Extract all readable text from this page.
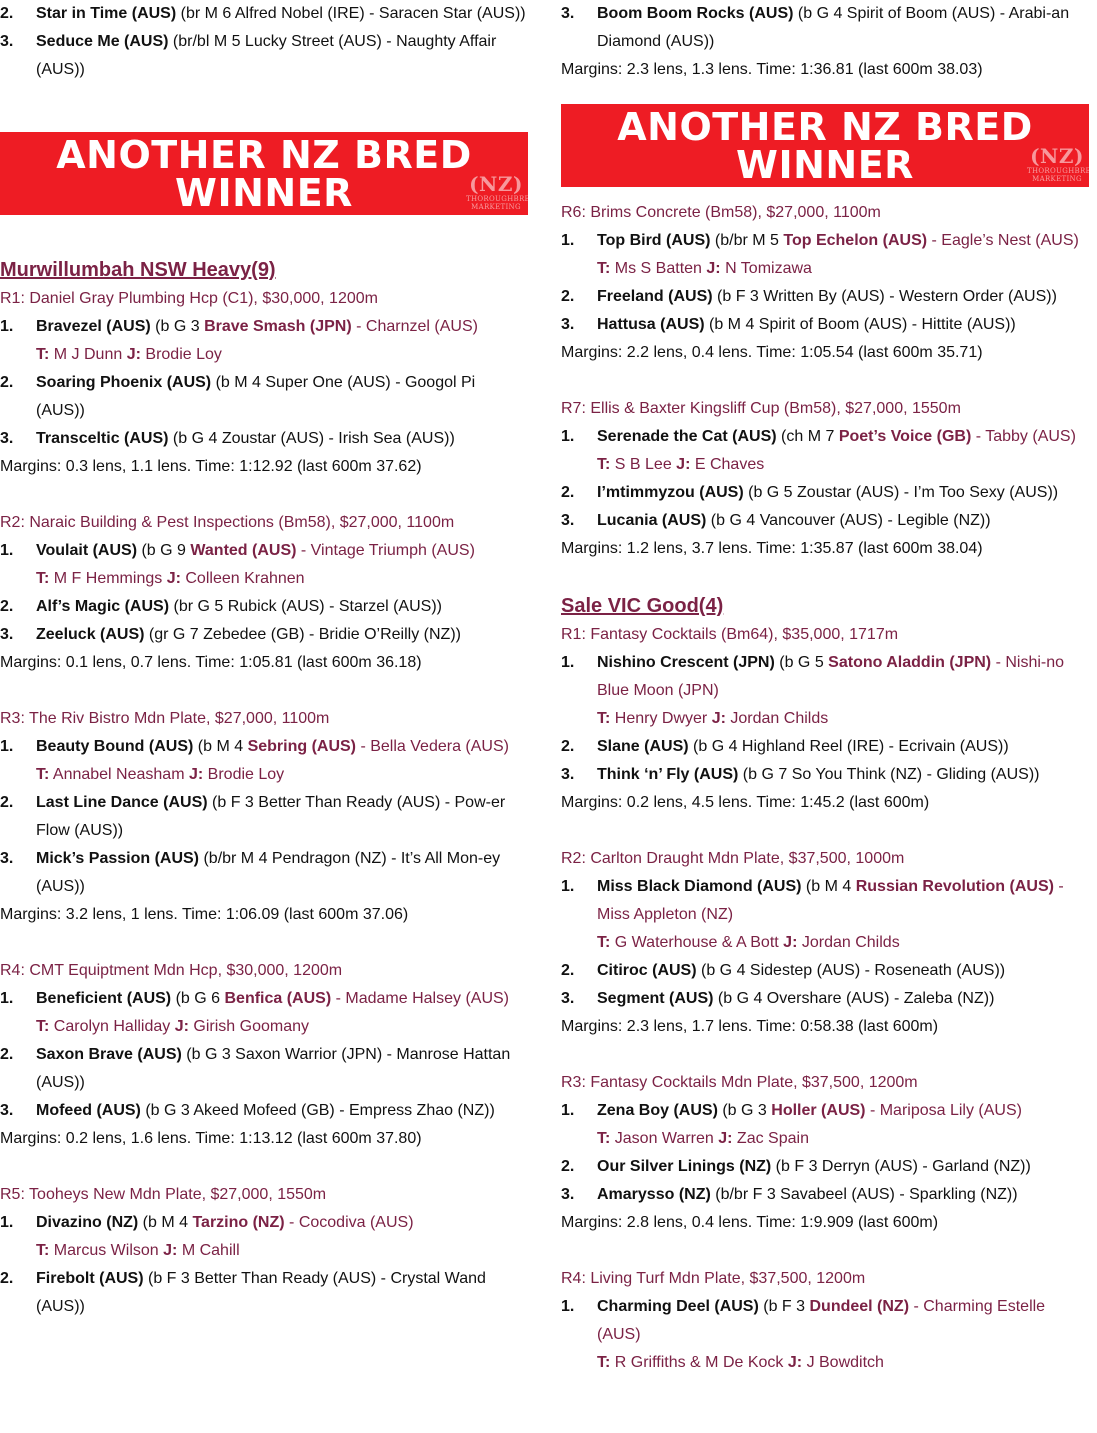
2. Star in Time (AUS) (br M 6 Alfred Nobel (IRE) - Saracen Star (AUS))
3. Seduce Me (AUS) (br/bl M 5 Lucky Street (AUS) - Naughty Affair (AUS))
ANOTHER NZ BRED
WINNER	(NZ)
THOROUGHBRED
MARKETING
Murwillumbah NSW Heavy(9)
R1: Daniel Gray Plumbing Hcp (C1), $30,000, 1200m
1. Bravezel (AUS) (b G 3 Brave Smash (JPN) - Charnzel (AUS)
T: M J Dunn J: Brodie Loy
2. Soaring Phoenix (AUS) (b M 4 Super One (AUS) - Googol Pi (AUS))
3. Transceltic (AUS) (b G 4 Zoustar (AUS) - Irish Sea (AUS))
Margins: 0.3 lens, 1.1 lens. Time: 1:12.92 (last 600m 37.62)
R2: Naraic Building & Pest Inspections (Bm58), $27,000, 1100m
1. Voulait (AUS) (b G 9 Wanted (AUS) - Vintage Triumph (AUS)
T: M F Hemmings J: Colleen Krahnen
2. Alf’s Magic (AUS) (br G 5 Rubick (AUS) - Starzel (AUS))
3. Zeeluck (AUS) (gr G 7 Zebedee (GB) - Bridie O’Reilly (NZ))
Margins: 0.1 lens, 0.7 lens. Time: 1:05.81 (last 600m 36.18)
R3: The Riv Bistro Mdn Plate, $27,000, 1100m
1. Beauty Bound (AUS) (b M 4 Sebring (AUS) - Bella Vedera (AUS)
T: Annabel Neasham J: Brodie Loy
2. Last Line Dance (AUS) (b F 3 Better Than Ready (AUS) - Pow-er Flow (AUS))
3. Mick’s Passion (AUS) (b/br M 4 Pendragon (NZ) - It’s All Mon-ey (AUS))
Margins: 3.2 lens, 1 lens. Time: 1:06.09 (last 600m 37.06)
R4: CMT Equiptment Mdn Hcp, $30,000, 1200m
1. Beneficient (AUS) (b G 6 Benfica (AUS) - Madame Halsey (AUS)
T: Carolyn Halliday J: Girish Goomany
2. Saxon Brave (AUS) (b G 3 Saxon Warrior (JPN) - Manrose Hattan (AUS))
3. Mofeed (AUS) (b G 3 Akeed Mofeed (GB) - Empress Zhao (NZ))
Margins: 0.2 lens, 1.6 lens. Time: 1:13.12 (last 600m 37.80)
R5: Tooheys New Mdn Plate, $27,000, 1550m
1. Divazino (NZ) (b M 4 Tarzino (NZ) - Cocodiva (AUS)
T: Marcus Wilson J: M Cahill
2. Firebolt (AUS) (b F 3 Better Than Ready (AUS) - Crystal Wand (AUS))
3. Boom Boom Rocks (AUS) (b G 4 Spirit of Boom (AUS) - Arabi-an Diamond (AUS))
Margins: 2.3 lens, 1.3 lens. Time: 1:36.81 (last 600m 38.03)
ANOTHER NZ BRED
WINNER	(NZ)
THOROUGHBRED
MARKETING
R6: Brims Concrete (Bm58), $27,000, 1100m
1. Top Bird (AUS) (b/br M 5 Top Echelon (AUS) - Eagle’s Nest (AUS)
T: Ms S Batten J: N Tomizawa
2. Freeland (AUS) (b F 3 Written By (AUS) - Western Order (AUS))
3. Hattusa (AUS) (b M 4 Spirit of Boom (AUS) - Hittite (AUS))
Margins: 2.2 lens, 0.4 lens. Time: 1:05.54 (last 600m 35.71)
R7: Ellis & Baxter Kingsliff Cup (Bm58), $27,000, 1550m
1. Serenade the Cat (AUS) (ch M 7 Poet’s Voice (GB) - Tabby (AUS)
T: S B Lee J: E Chaves
2. I’mtimmyzou (AUS) (b G 5 Zoustar (AUS) - I’m Too Sexy (AUS))
3. Lucania (AUS) (b G 4 Vancouver (AUS) - Legible (NZ))
Margins: 1.2 lens, 3.7 lens. Time: 1:35.87 (last 600m 38.04)
Sale VIC Good(4)
R1: Fantasy Cocktails (Bm64), $35,000, 1717m
1. Nishino Crescent (JPN) (b G 5 Satono Aladdin (JPN) - Nishi-no Blue Moon (JPN)
T: Henry Dwyer J: Jordan Childs
2. Slane (AUS) (b G 4 Highland Reel (IRE) - Ecrivain (AUS))
3. Think ‘n’ Fly (AUS) (b G 7 So You Think (NZ) - Gliding (AUS))
Margins: 0.2 lens, 4.5 lens. Time: 1:45.2 (last 600m)
R2: Carlton Draught Mdn Plate, $37,500, 1000m
1. Miss Black Diamond (AUS) (b M 4 Russian Revolution (AUS) - Miss Appleton (NZ)
T: G Waterhouse & A Bott J: Jordan Childs
2. Citiroc (AUS) (b G 4 Sidestep (AUS) - Roseneath (AUS))
3. Segment (AUS) (b G 4 Overshare (AUS) - Zaleba (NZ))
Margins: 2.3 lens, 1.7 lens. Time: 0:58.38 (last 600m)
R3: Fantasy Cocktails Mdn Plate, $37,500, 1200m
1. Zena Boy (AUS) (b G 3 Holler (AUS) - Mariposa Lily (AUS)
T: Jason Warren J: Zac Spain
2. Our Silver Linings (NZ) (b F 3 Derryn (AUS) - Garland (NZ))
3. Amarysso (NZ) (b/br F 3 Savabeel (AUS) - Sparkling (NZ))
Margins: 2.8 lens, 0.4 lens. Time: 1:9.909 (last 600m)
R4: Living Turf Mdn Plate, $37,500, 1200m
1. Charming Deel (AUS) (b F 3 Dundeel (NZ) - Charming Estelle (AUS)
T: R Griffiths & M De Kock J: J Bowditch
